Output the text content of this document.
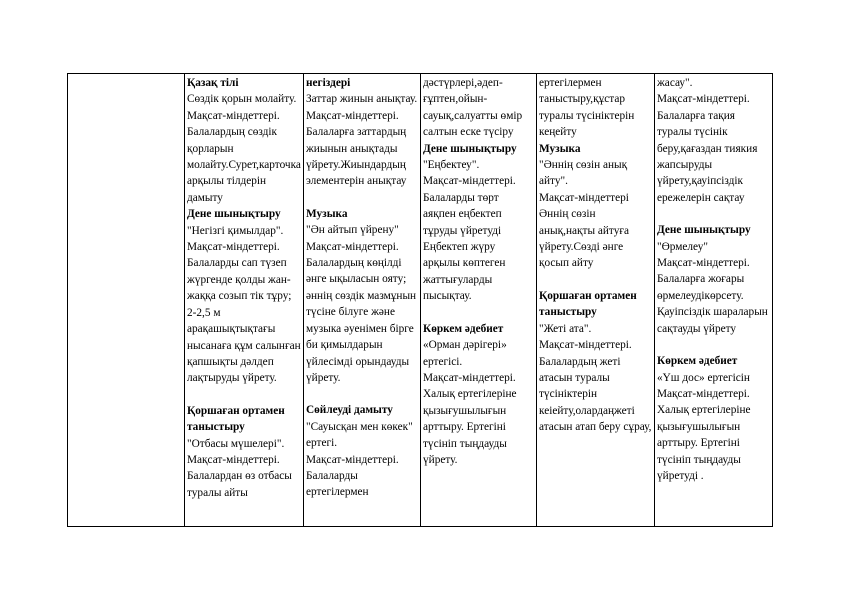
Қазақ тілі
Сөздік қорын молайту.
Мақсат-міндеттері. Балалардың сөздік қорларын молайту.Сурет,карточка арқылы тілдерін дамыту
Дене шынықтыру
"Негізгі қимылдар".
Мақсат-міндеттері. Балаларды сап түзеп жүргенде қолды жан-жаққа созып тік тұру; 2-2,5 м арақашықтықтағы нысанаға құм салынған қапшықты дәлдеп лақтыруды үйрету.
Қоршаған ортамен таныстыру
"Отбасы мүшелері".
Мақсат-міндеттері. Балалардан өз отбасы туралы айты

негіздері
Заттар жинын анықтау.
Мақсат-міндеттері. Балаларға заттардың жиынын анықтады үйрету.Жиындардың элементерін анықтау
Музыка
"Ән айтып үйрену"
Мақсат-міндеттері. Балалардың көңілді әнге ықыласын ояту; әннің сөздік мазмұнын түсіне білуге және музыка әуенімен бірге би қимылдарын үйлесімді орындауды үйрету.
Сөйлеуді дамыту
"Сауысқан мен көкек" ертегі.
Мақсат-міндеттері. Балаларды ертегілермен

дәстүрлері,әдеп-ғұптен,ойын-сауық,салуатты өмір салтын еске түсіру
Дене шынықтыру
"Еңбектеу".
Мақсат-міндеттері. Балаларды төрт аяқпен еңбектеп тұруды үйретуді Еңбектеп жүру арқылы көптеген жаттығуларды пысықтау.
Көркем әдебиет
«Орман дәрігері» ертегісі.
Мақсат-міндеттері. Халық ертегілеріне қызығушылығын арттыру. Ертегіні түсініп тыңдауды үйрету.

ертегілермен таныстыру,құстар туралы түсініктерін кеңейту
Музыка
"Әннің сөзін анық айту".
Мақсат-міндеттері Әннің сөзін анық,нақты айтуға үйрету.Сөзді әнге қосып айту
Қоршаған ортамен таныстыру
"Жеті ата".
Мақсат-міндеттері. Балалардың жеті атасын туралы түсініктерін кеіейту,олардаңжеті атасын атап беру сұрау,

жасау".
Мақсат-міндеттері. Балаларға тақия туралы түсінік беру,қағаздан тиякия жапсыруды үйрету,қауіпсіздік ережелерін сақтау
Дене шынықтыру
"Өрмелеу"
Мақсат-міндеттері. Балаларға жоғары өрмелеудікөрсету. Қауіпсіздік шараларын сақтауды үйрету
Көркем әдебиет
«Үш дос» ертегісін
Мақсат-міндеттері. Халық ертегілеріне қызығушылығын арттыру. Ертегіні түсініп тыңдауды үйретуді .
